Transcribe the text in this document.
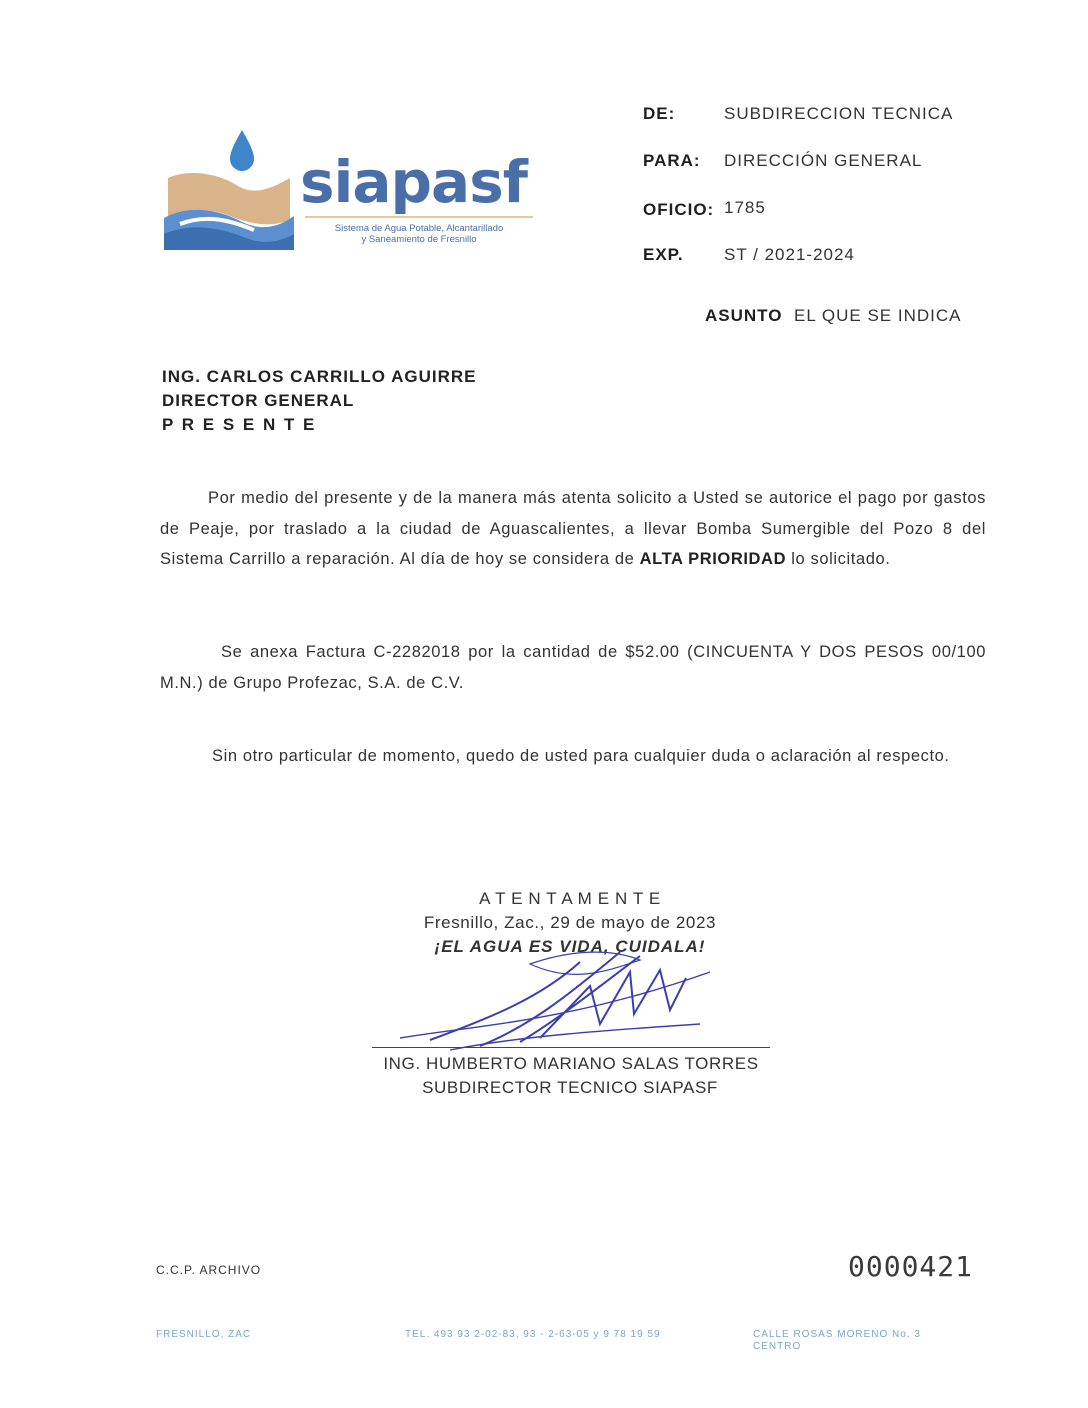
siapasf
Sistema de Agua Potable, Alcantarillado
y Saneamiento de Fresnillo
DE:	SUBDIRECCION TECNICA
PARA: DIRECCIÓN GENERAL
OFICIO: 1785
EXP. ST / 2021-2024
ASUNTO EL QUE SE INDICA
ING. CARLOS CARRILLO AGUIRRE
DIRECTOR GENERAL
P R E S E N T E
Por medio del presente y de la manera más atenta solicito a Usted se autorice el pago por gastos de Peaje, por traslado a la ciudad de Aguascalientes, a llevar Bomba Sumergible del Pozo 8 del Sistema Carrillo a reparación. Al día de hoy se considera de ALTA PRIORIDAD lo solicitado.
Se anexa Factura C-2282018 por la cantidad de $52.00 (CINCUENTA Y DOS PESOS 00/100 M.N.) de Grupo Profezac, S.A. de C.V.
Sin otro particular de momento, quedo de usted para cualquier duda o aclaración al respecto.
A T E N T A M E N T E
Fresnillo, Zac., 29 de mayo de 2023
¡EL AGUA ES VIDA, CUIDALA!
ING. HUMBERTO MARIANO SALAS TORRES
SUBDIRECTOR TECNICO SIAPASF
C.C.P. ARCHIVO	0000421
FRESNILLO, ZAC	TEL. 493 93 2-02-83, 93 - 2-63-05 y 9 78 19 59	CALLE ROSAS MORENO No. 3
CENTRO
